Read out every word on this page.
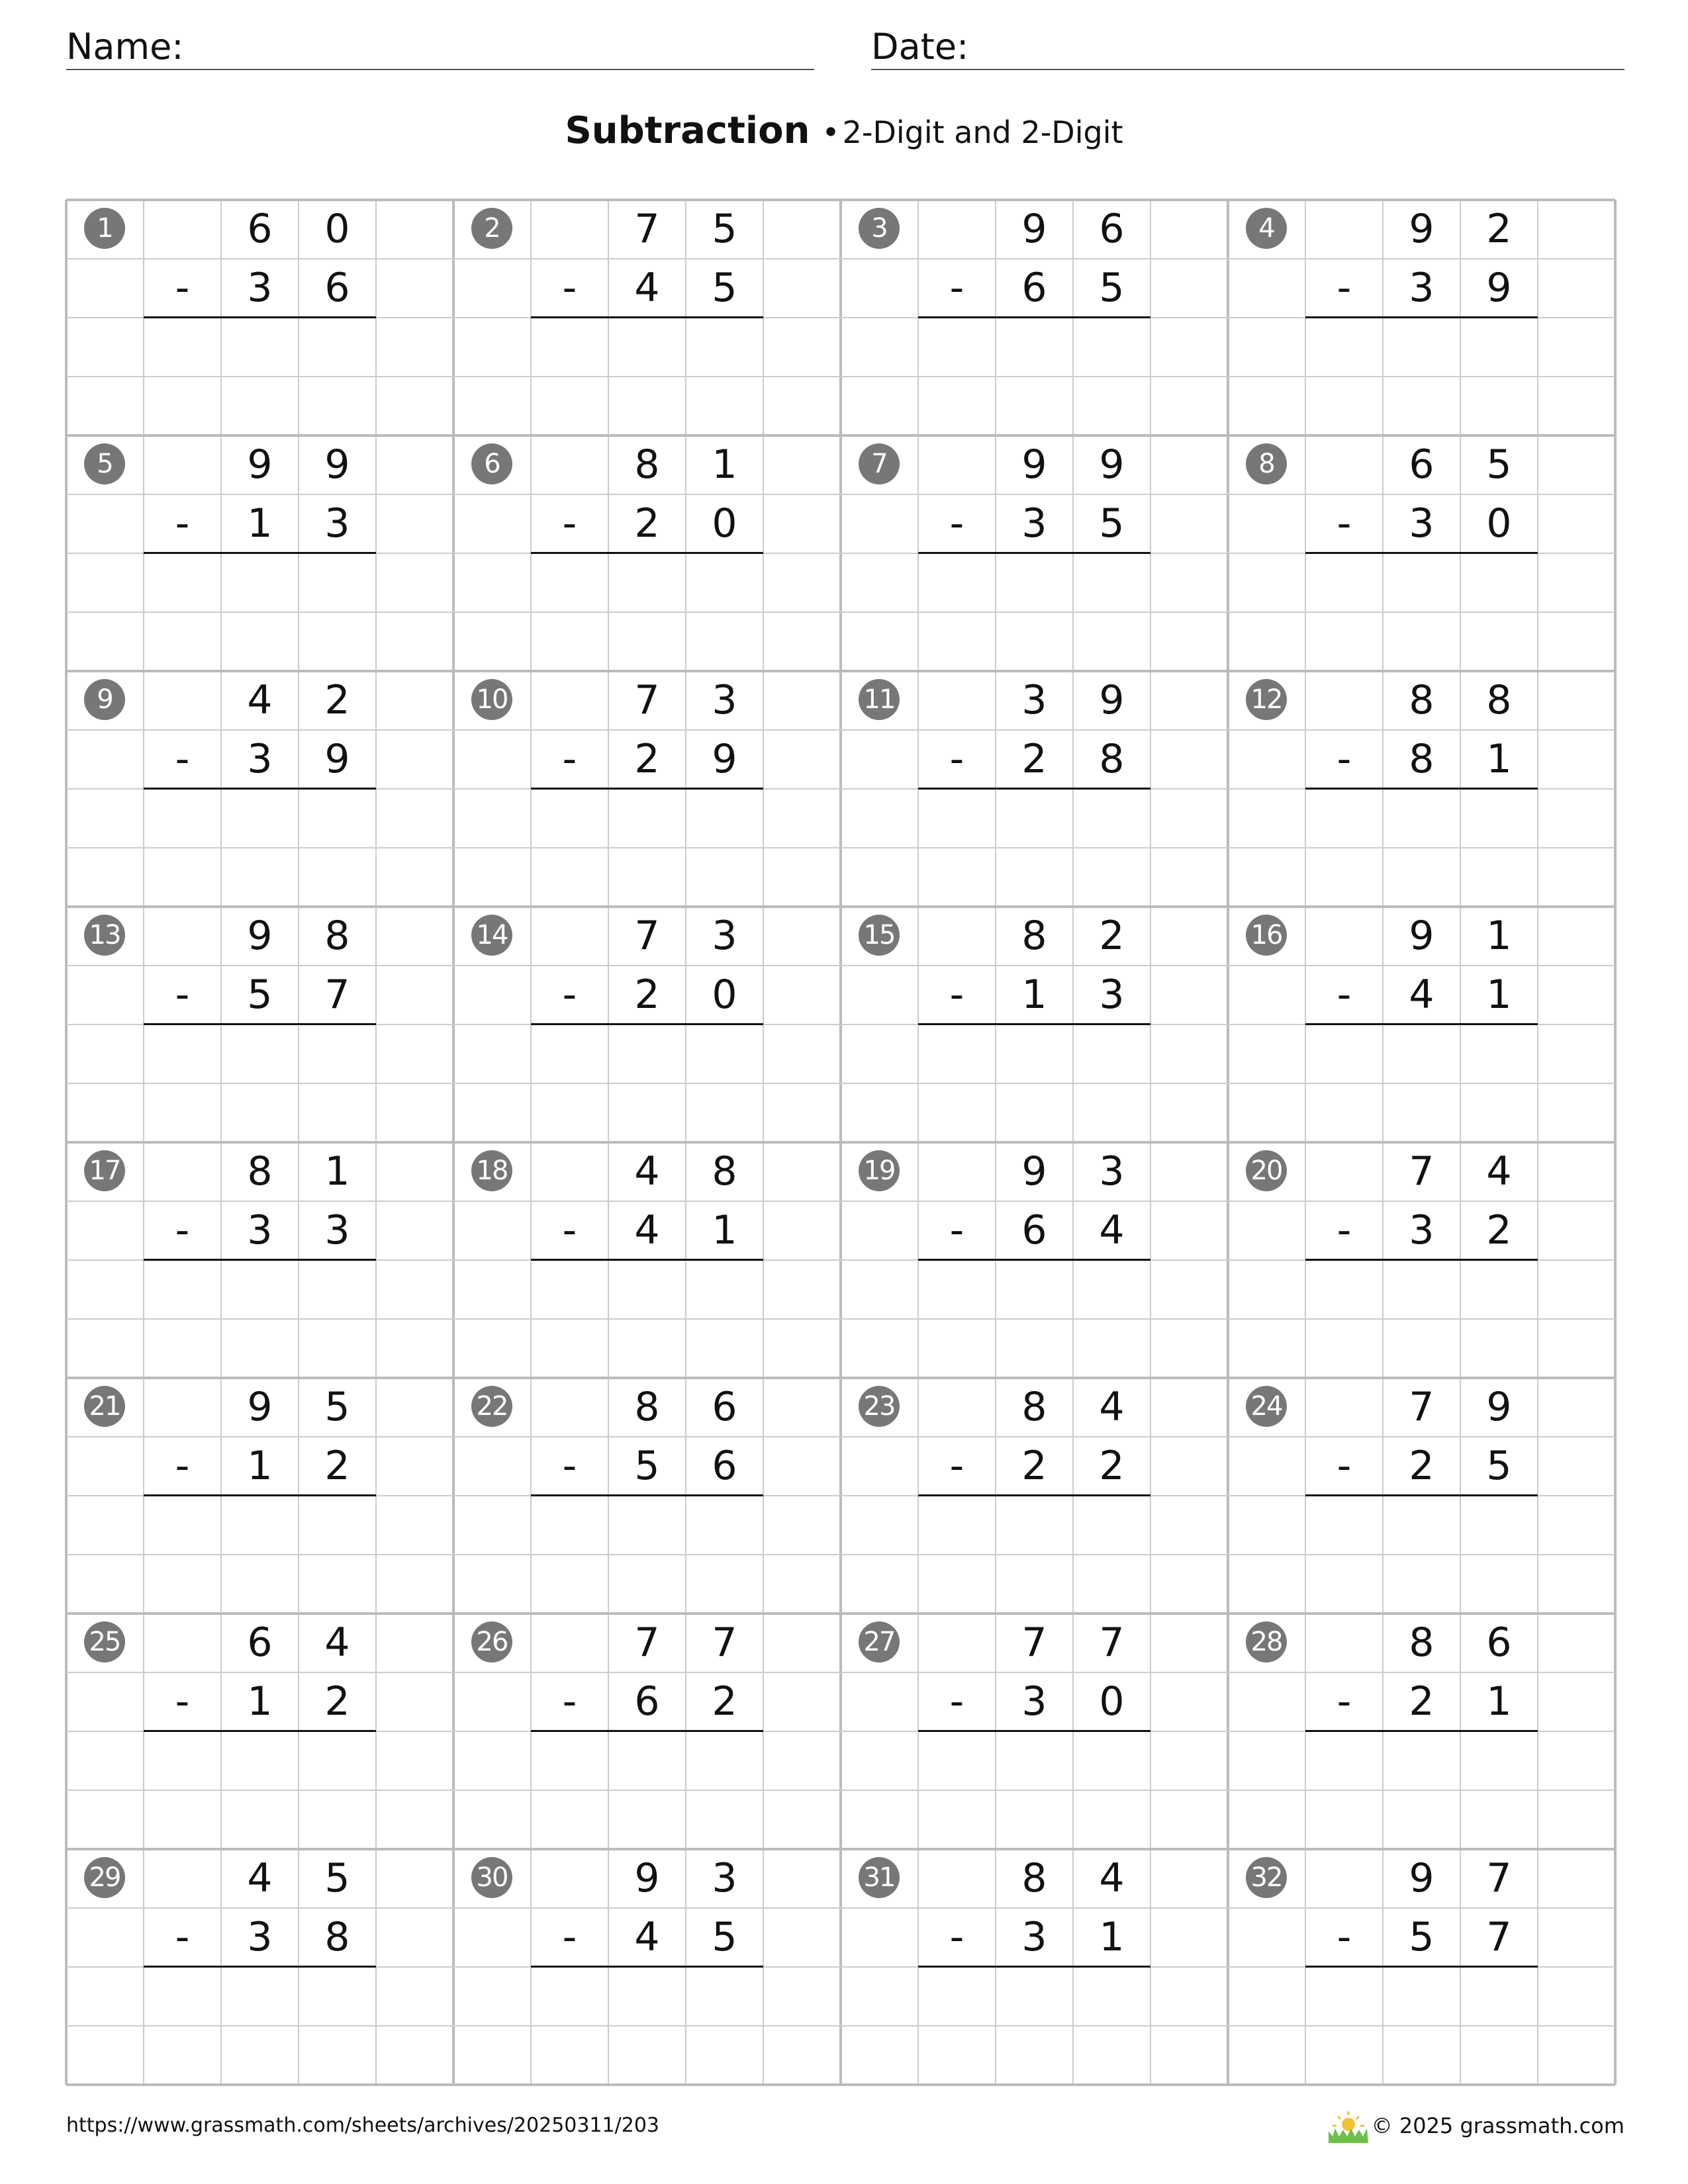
Name:	Date:
Subtraction •2-Digit and 2-Digit
1	6	0
-	3	6
2	7	5
-	4	5
3	9	6
-	6	5
4	9	2
-	3	9
5	9	9
-	1	3
6	8	1
-	2	0
7	9	9
-	3	5
8	6	5
-	3	0
9	4	2
-	3	9
10	7	3
-	2	9
11	3	9
-	2	8
12	8	8
-	8	1
13	9	8
-	5	7
14	7	3
-	2	0
15	8	2
-	1	3
16	9	1
-	4	1
17	8	1
-	3	3
18	4	8
-	4	1
19	9	3
-	6	4
20	7	4
-	3	2
21	9	5
-	1	2
22	8	6
-	5	6
23	8	4
-	2	2
24	7	9
-	2	5
25	6	4
-	1	2
26	7	7
-	6	2
27	7	7
-	3	0
28	8	6
-	2	1
29	4	5
-	3	8
30	9	3
-	4	5
31	8	4
-	3	1
32	9	7
-	5	7
https://www.grassmath.com/sheets/archives/20250311/203	© 2025 grassmath.com
